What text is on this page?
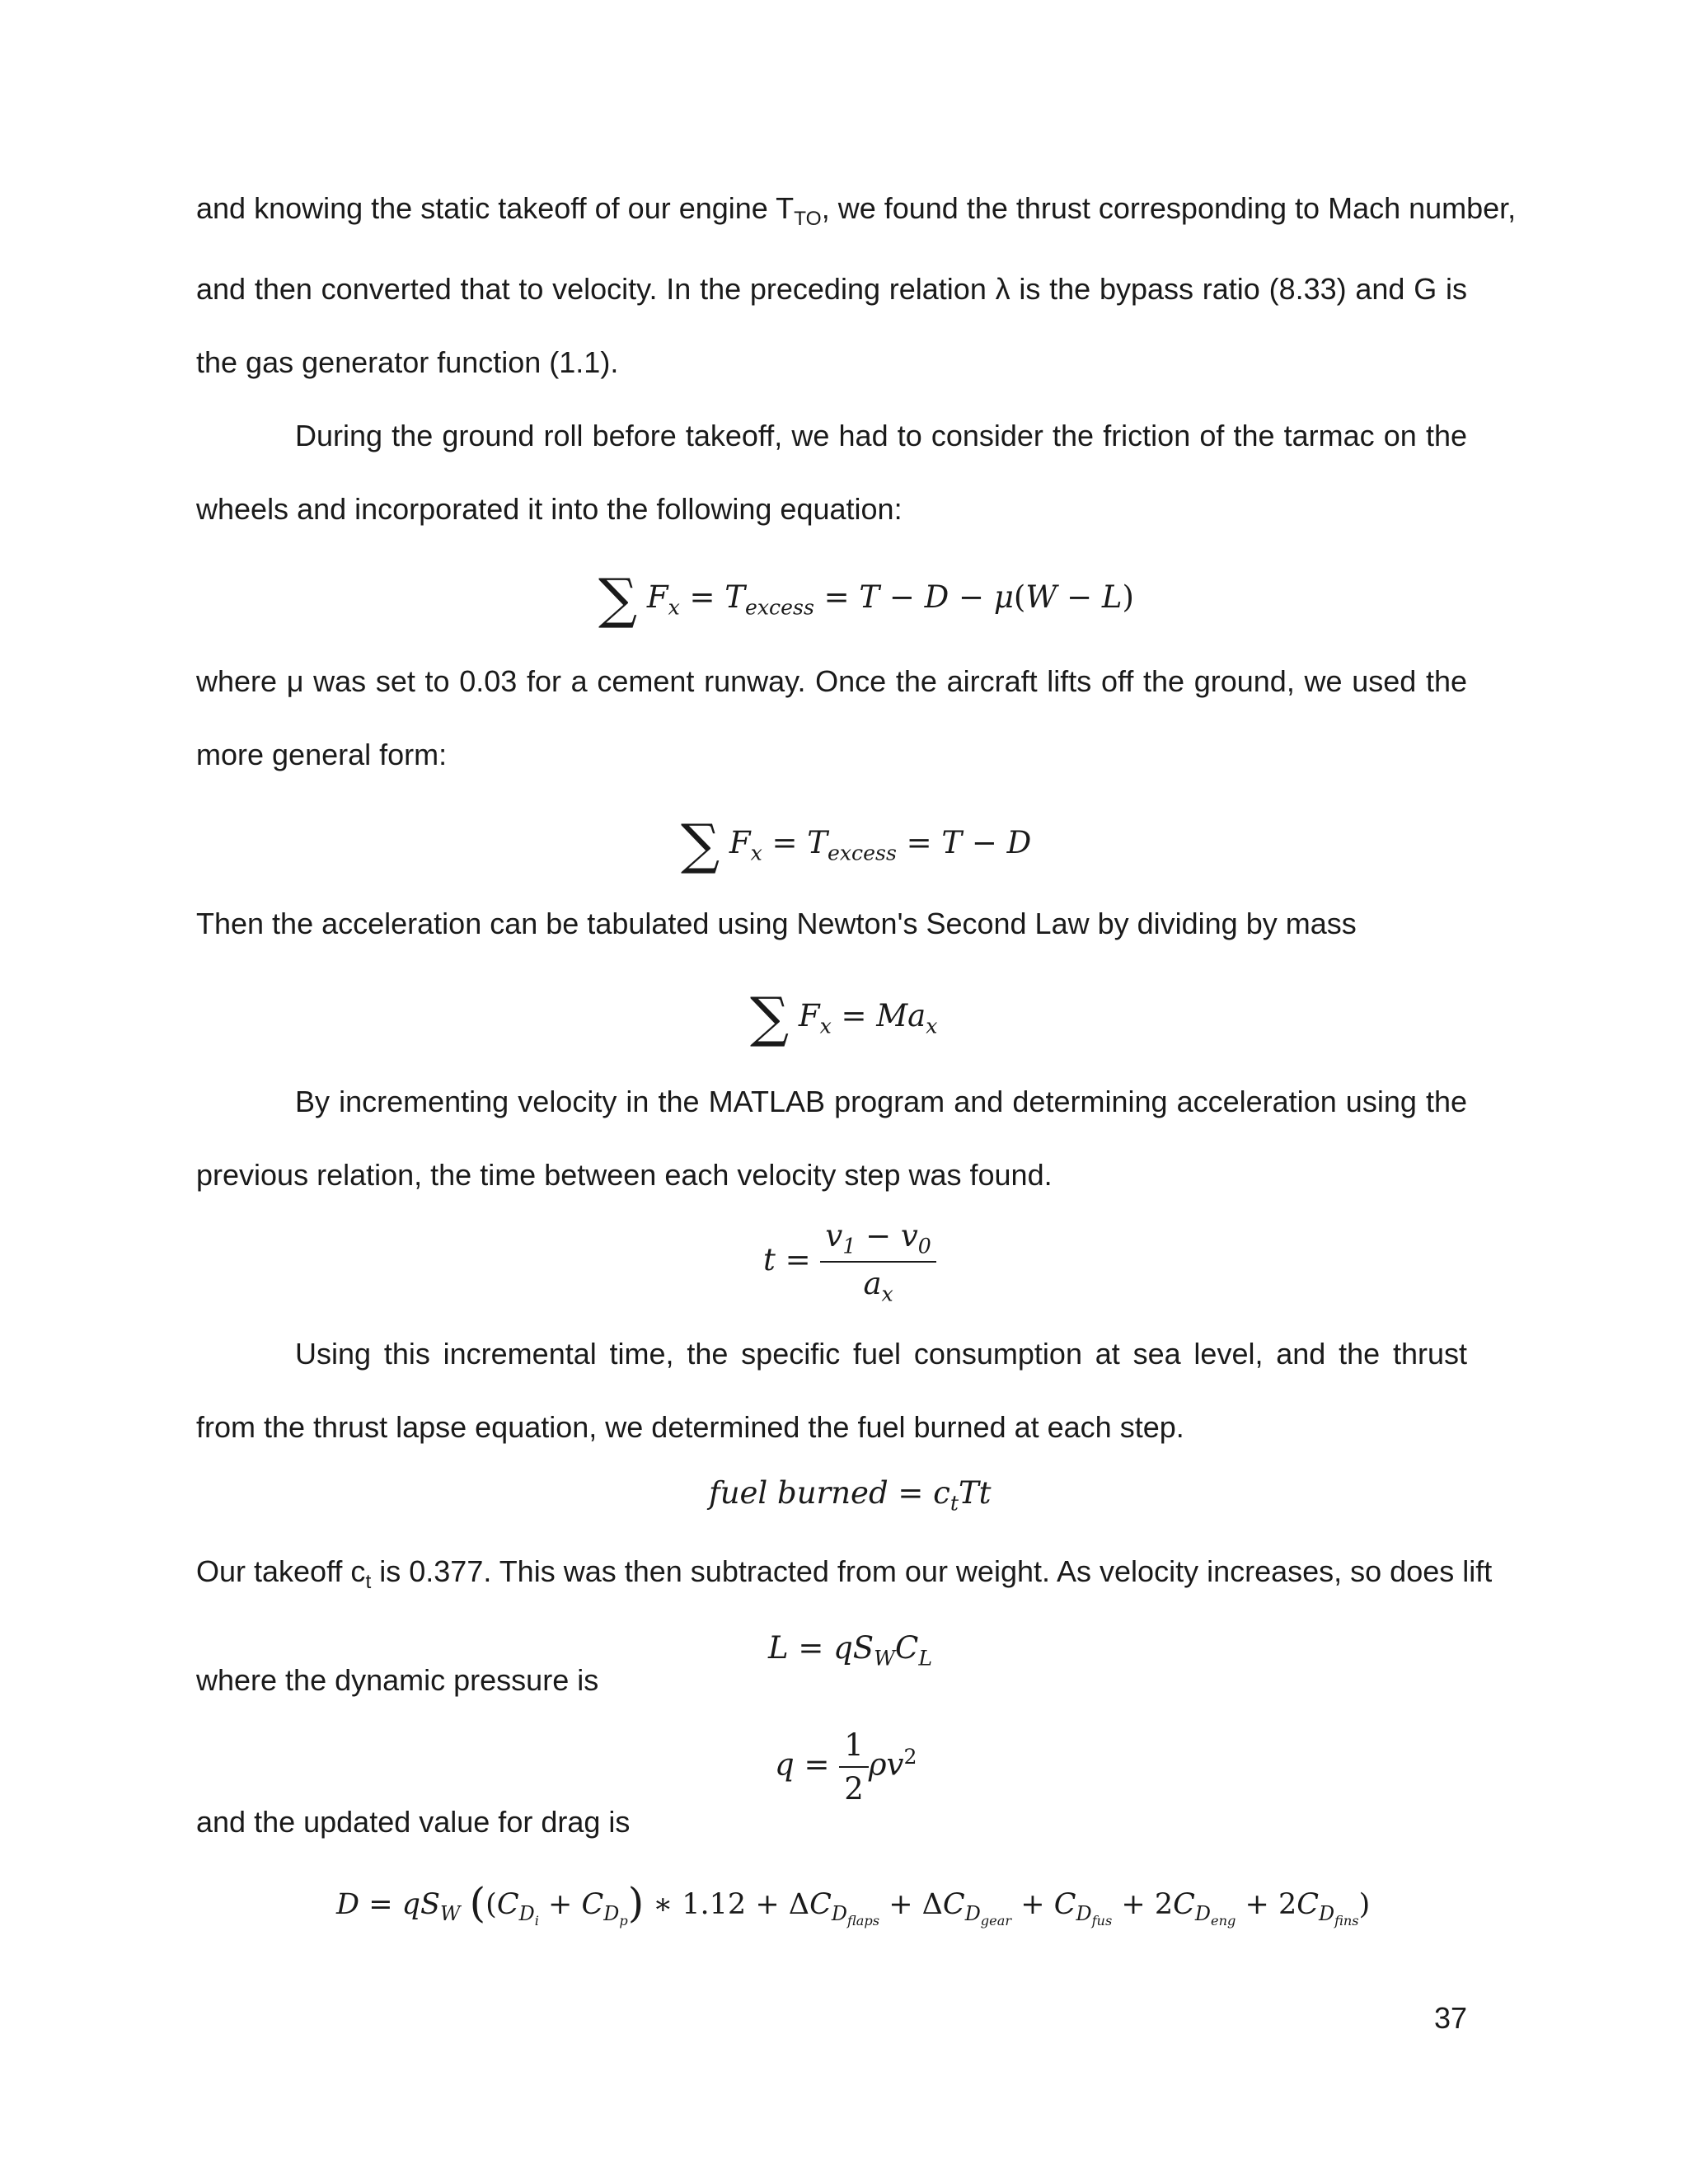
and knowing the static takeoff of our engine $T_{TO}$, we found the thrust corresponding to Mach number,
and then converted that to velocity. In the preceding relation λ is the bypass ratio (8.33) and G is the gas generator function (1.1).
During the ground roll before takeoff, we had to consider the friction of the tarmac on the wheels and incorporated it into the following equation:
∑ $F_x = T_{excess} = T - D - \mu(W - L)$
where μ was set to 0.03 for a cement runway. Once the aircraft lifts off the ground, we used the more general form:
∑ $F_x = T_{excess} = T - D$
Then the acceleration can be tabulated using Newton's Second Law by dividing by mass
∑ $F_x = Ma_x$
By incrementing velocity in the MATLAB program and determining acceleration using the previous relation, the time between each velocity step was found.
$t = \frac{v_1 - v_0}{a_x}$
Using this incremental time, the specific fuel consumption at sea level, and the thrust from the thrust lapse equation, we determined the fuel burned at each step.
fuel burned = $c_tTt$
Our takeoff $c_t$ is 0.377. This was then subtracted from our weight. As velocity increases, so does lift
$L = qS_WC_L$
where the dynamic pressure is
$q = \frac{1}{2} \rho v^2$
and the updated value for drag is
$D = qS_W$ ($(C_{D_i} + C_{D_p})$ ∗ $1.12 + \Delta C_{D_{flaps}} + \Delta C_{D_{gear}} + C_{D_{fus}} + 2C_{D_{eng}} + 2C_{D_{fins}}$)
37
